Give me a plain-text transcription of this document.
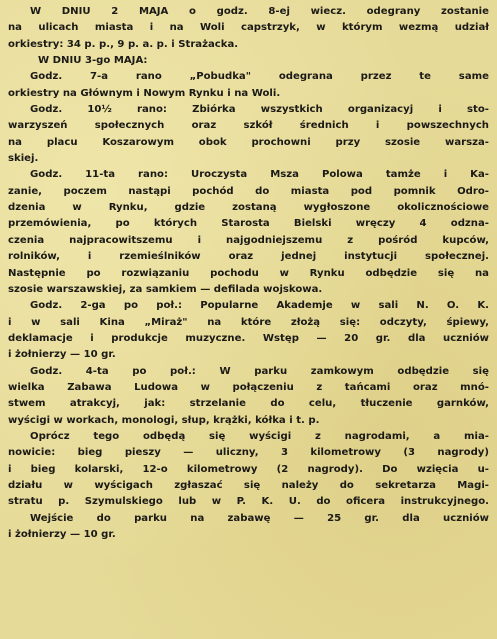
W DNIU 2 MAJA o godz. 8-ej wiecz. odegrany zostanie
na ulicach miasta i na Woli capstrzyk, w którym wezmą udział
orkiestry: 34 p. p., 9 p. a. p. i Strażacka.
W DNIU 3-go MAJA:
Godz. 7-a rano „Pobudka" odegrana przez te same
orkiestry na Głównym i Nowym Rynku i na Woli.
Godz. 10½ rano: Zbiórka wszystkich organizacyj i sto-
warzyszeń społecznych oraz szkół średnich i powszechnych
na placu Koszarowym obok prochowni przy szosie warsza-
skiej.
Godz. 11-ta rano: Uroczysta Msza Polowa tamże i Ka-
zanie, poczem nastąpi pochód do miasta pod pomnik Odro-
dzenia w Rynku, gdzie zostaną wygłoszone okolicznościowe
przemówienia, po których Starosta Bielski wręczy 4 odzna-
czenia najpracowitszemu i najgodniejszemu z pośród kupców,
rolników, i rzemieślników oraz jednej instytucji społecznej.
Następnie po rozwiązaniu pochodu w Rynku odbędzie się na
szosie warszawskiej, za samkiem — defilada wojskowa.
Godz. 2-ga po poł.: Popularne Akademje w sali N. O. K.
i w sali Kina „Miraż" na które złożą się: odczyty, śpiewy,
deklamacje i produkcje muzyczne. Wstęp — 20 gr. dla uczniów
i żołnierzy — 10 gr.
Godz. 4-ta po poł.: W parku zamkowym odbędzie się
wielka Zabawa Ludowa w połączeniu z tańcami oraz mnó-
stwem atrakcyj, jak: strzelanie do celu, tłuczenie garnków,
wyścigi w workach, monologi, słup, krążki, kółka i t. p.
Oprócz tego odbędą się wyścigi z nagrodami, a mia-
nowicie: bieg pieszy — uliczny, 3 kilometrowy (3 nagrody)
i bieg kolarski, 12-o kilometrowy (2 nagrody). Do wzięcia u-
działu w wyścigach zgłaszać się należy do sekretarza Magi-
stratu p. Szymulskiego lub w P. K. U. do oficera instrukcyjnego.
Wejście do parku na zabawę — 25 gr. dla uczniów
i żołnierzy — 10 gr.
